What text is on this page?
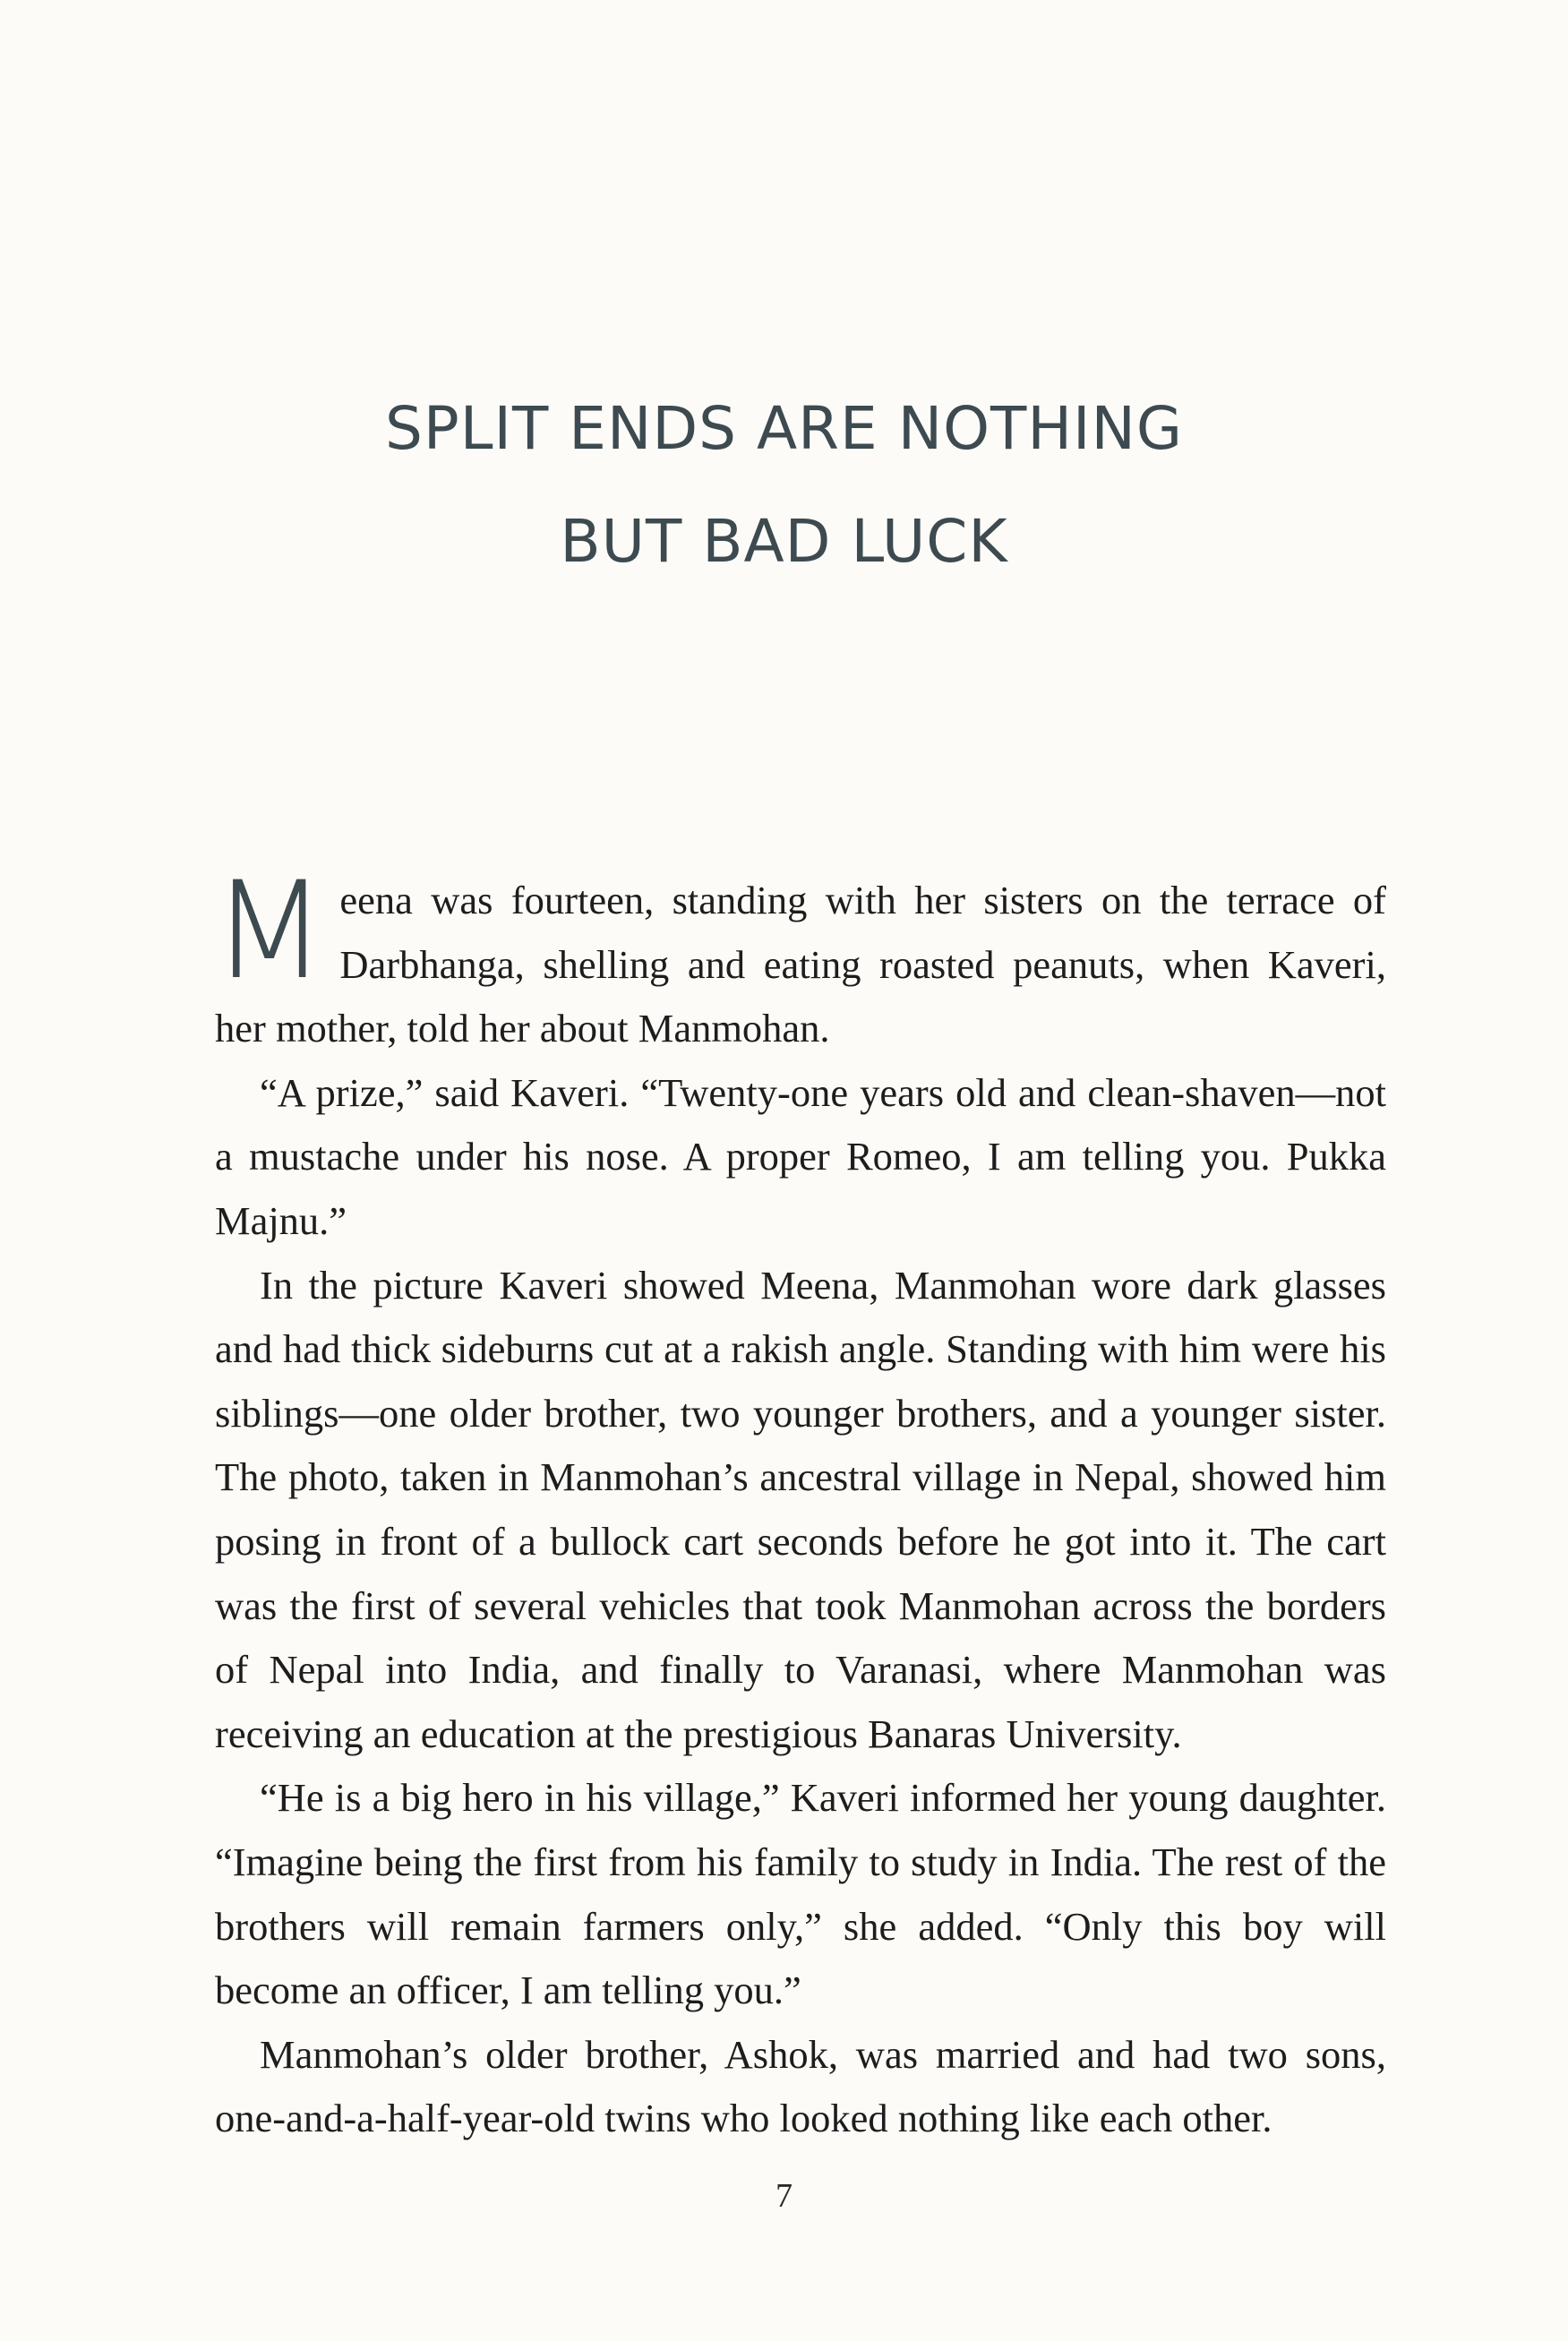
SPLIT ENDS ARE NOTHING
BUT BAD LUCK

Meena was fourteen, standing with her sisters on the terrace of Darbhanga, shelling and eating roasted peanuts, when Kaveri, her mother, told her about Manmohan.

“A prize,” said Kaveri. “Twenty-one years old and clean-shaven—not a mustache under his nose. A proper Romeo, I am telling you. Pukka Majnu.”

In the picture Kaveri showed Meena, Manmohan wore dark glasses and had thick sideburns cut at a rakish angle. Standing with him were his siblings—one older brother, two younger brothers, and a younger sister. The photo, taken in Manmohan’s ancestral village in Nepal, showed him posing in front of a bullock cart seconds before he got into it. The cart was the first of several vehicles that took Manmohan across the borders of Nepal into India, and finally to Varanasi, where Manmohan was receiving an education at the prestigious Banaras University.

“He is a big hero in his village,” Kaveri informed her young daughter. “Imagine being the first from his family to study in India. The rest of the brothers will remain farmers only,” she added. “Only this boy will become an officer, I am telling you.”

Manmohan’s older brother, Ashok, was married and had two sons, one-and-a-half-year-old twins who looked nothing like each other.

7
